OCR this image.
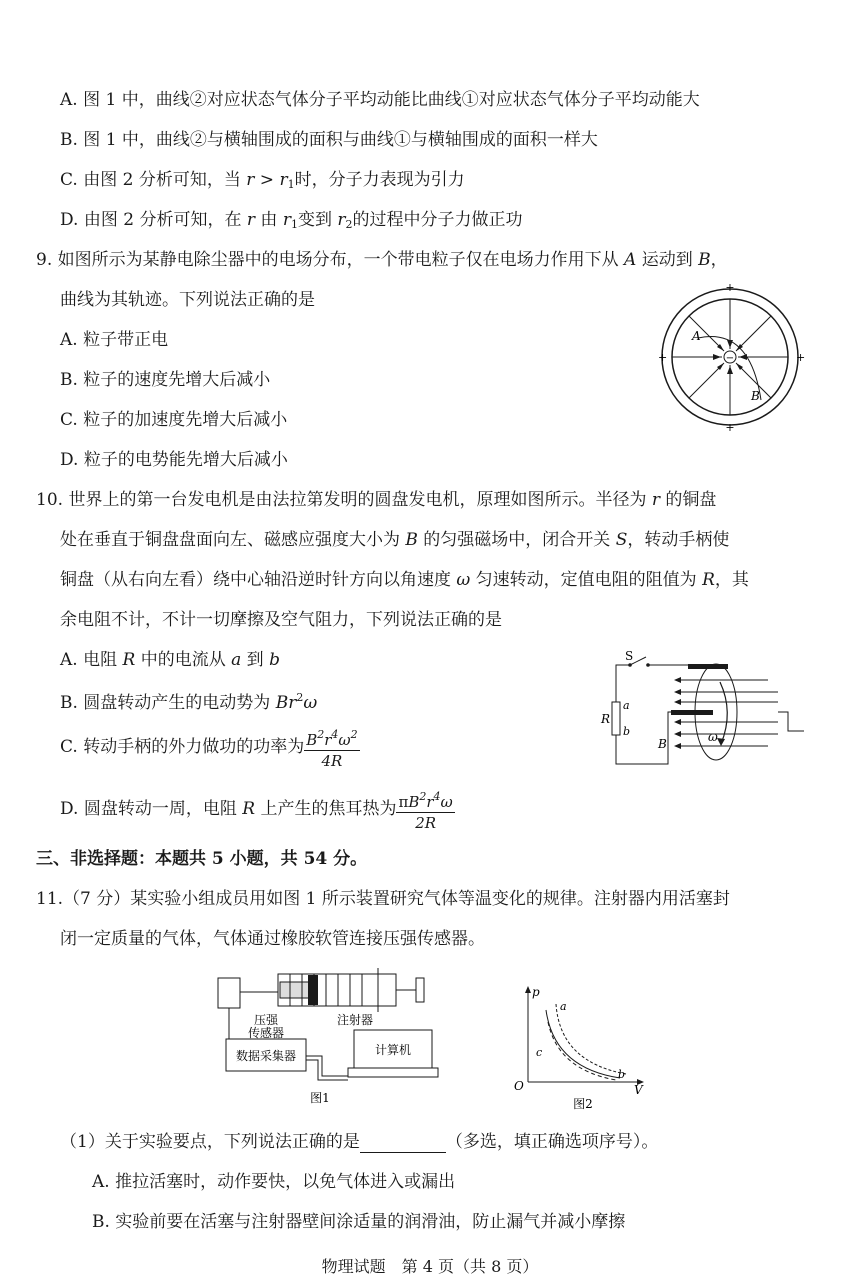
A. 图 1 中，曲线②对应状态气体分子平均动能比曲线①对应状态气体分子平均动能大
B. 图 1 中，曲线②与横轴围成的面积与曲线①与横轴围成的面积一样大
C. 由图 2 分析可知，当 $r > r_1$时，分子力表现为引力
D. 由图 2 分析可知，在 r 由 $r_1$变到 $r_2$的过程中分子力做正功
9. 如图所示为某静电除尘器中的电场分布，一个带电粒子仅在电场力作用下从 A 运动到 B，
曲线为其轨迹。下列说法正确的是
A. 粒子带正电
B. 粒子的速度先增大后减小
C. 粒子的加速度先增大后减小
D. 粒子的电势能先增大后减小
−
A
B
+
+
+	+
10. 世界上的第一台发电机是由法拉第发明的圆盘发电机，原理如图所示。半径为 r 的铜盘
处在垂直于铜盘盘面向左、磁感应强度大小为 B 的匀强磁场中，闭合开关 S，转动手柄使
铜盘（从右向左看）绕中心轴沿逆时针方向以角速度 ω 匀速转动，定值电阻的阻值为 R，其
余电阻不计，不计一切摩擦及空气阻力，下列说法正确的是
A. 电阻 R 中的电流从 a 到 b
B. 圆盘转动产生的电动势为 Br$^2$ω
C. 转动手柄的外力做功的功率为 $\frac{B^2r^4\omega^2}{4R}$
D. 圆盘转动一周，电阻 R 上产生的焦耳热为 $\frac{\pi B^2r^4\omega}{2R}$
S
R
a
b
B	ω
三、非选择题：本题共 5 小题，共 54 分。
11.（7 分）某实验小组成员用如图 1 所示装置研究气体等温变化的规律。注射器内用活塞封
闭一定质量的气体，气体通过橡胶软管连接压强传感器。
压强
传感器
注射器
数据采集器	计算机
图1
p
V
O
a
b
c
图2
（1）关于实验要点，下列说法正确的是	（多选，填正确选项序号）。
A. 推拉活塞时，动作要快，以免气体进入或漏出
B. 实验前要在活塞与注射器壁间涂适量的润滑油，防止漏气并减小摩擦
物理试题　第 4 页（共 8 页）
